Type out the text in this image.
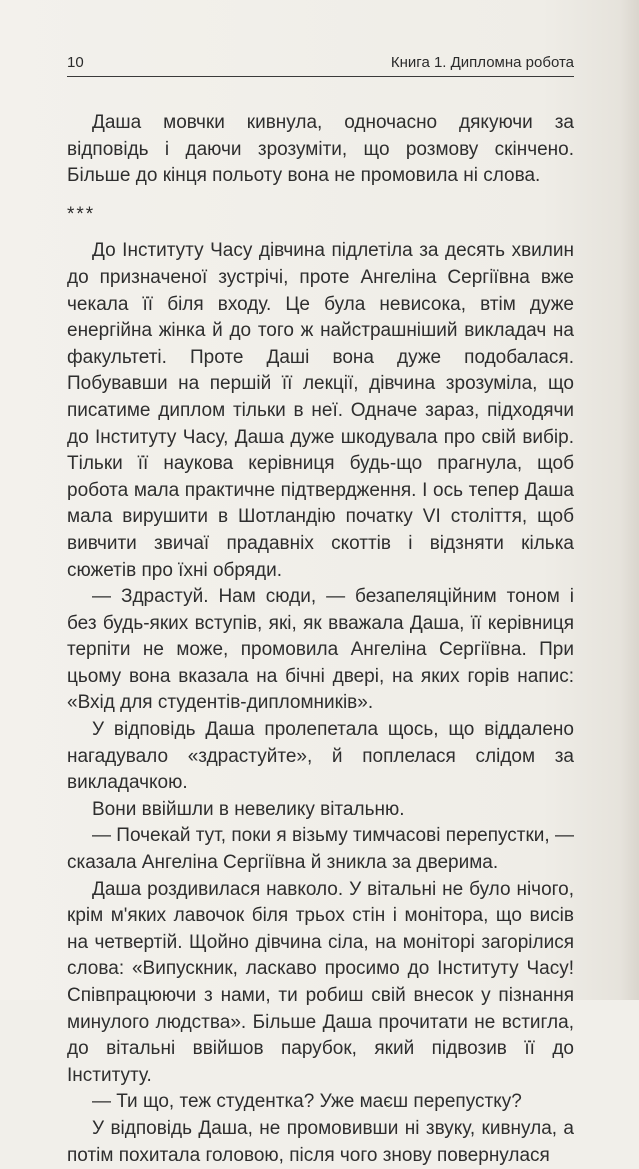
10	Книга 1. Дипломна робота

Даша мовчки кивнула, одночасно дякуючи за відповідь і даючи зрозуміти, що розмову скінчено. Більше до кінця польоту вона не промовила ні слова.

***

До Інституту Часу дівчина підлетіла за десять хвилин до призначеної зустрічі, проте Ангеліна Сергіївна вже чекала її біля входу. Це була невисока, втім дуже енергійна жінка й до того ж найстрашніший викладач на факультеті. Проте Даші вона дуже подобалася. Побувавши на першій її лекції, дівчина зрозуміла, що писатиме диплом тільки в неї. Одначе зараз, підходячи до Інституту Часу, Даша дуже шкодувала про свій вибір. Тільки її наукова керівниця будь-що прагнула, щоб робота мала практичне підтвердження. І ось тепер Даша мала вирушити в Шотландію початку VI століття, щоб вивчити звичаї прадавніх скоттів і відзняти кілька сюжетів про їхні обряди.

— Здрастуй. Нам сюди, — безапеляційним тоном і без будь-яких вступів, які, як вважала Даша, її керівниця терпіти не може, промовила Ангеліна Сергіївна. При цьому вона вказала на бічні двері, на яких горів напис: «Вхід для студентів-дипломників».

У відповідь Даша пролепетала щось, що віддалено нагадувало «здрастуйте», й поплелася слідом за викладачкою.

Вони ввійшли в невелику вітальню.

— Почекай тут, поки я візьму тимчасові перепустки, — сказала Ангеліна Сергіївна й зникла за дверима.

Даша роздивилася навколо. У вітальні не було нічого, крім м'яких лавочок біля трьох стін і монітора, що висів на четвертій. Щойно дівчина сіла, на моніторі загорілися слова: «Випускник, ласкаво просимо до Інституту Часу! Співпрацюючи з нами, ти робиш свій внесок у пізнання минулого людства». Більше Даша прочитати не встигла, до вітальні ввійшов парубок, який підвозив її до Інституту.

— Ти що, теж студентка? Уже маєш перепустку?

У відповідь Даша, не промовивши ні звуку, кивнула, а потім похитала головою, після чого знову повернулася
